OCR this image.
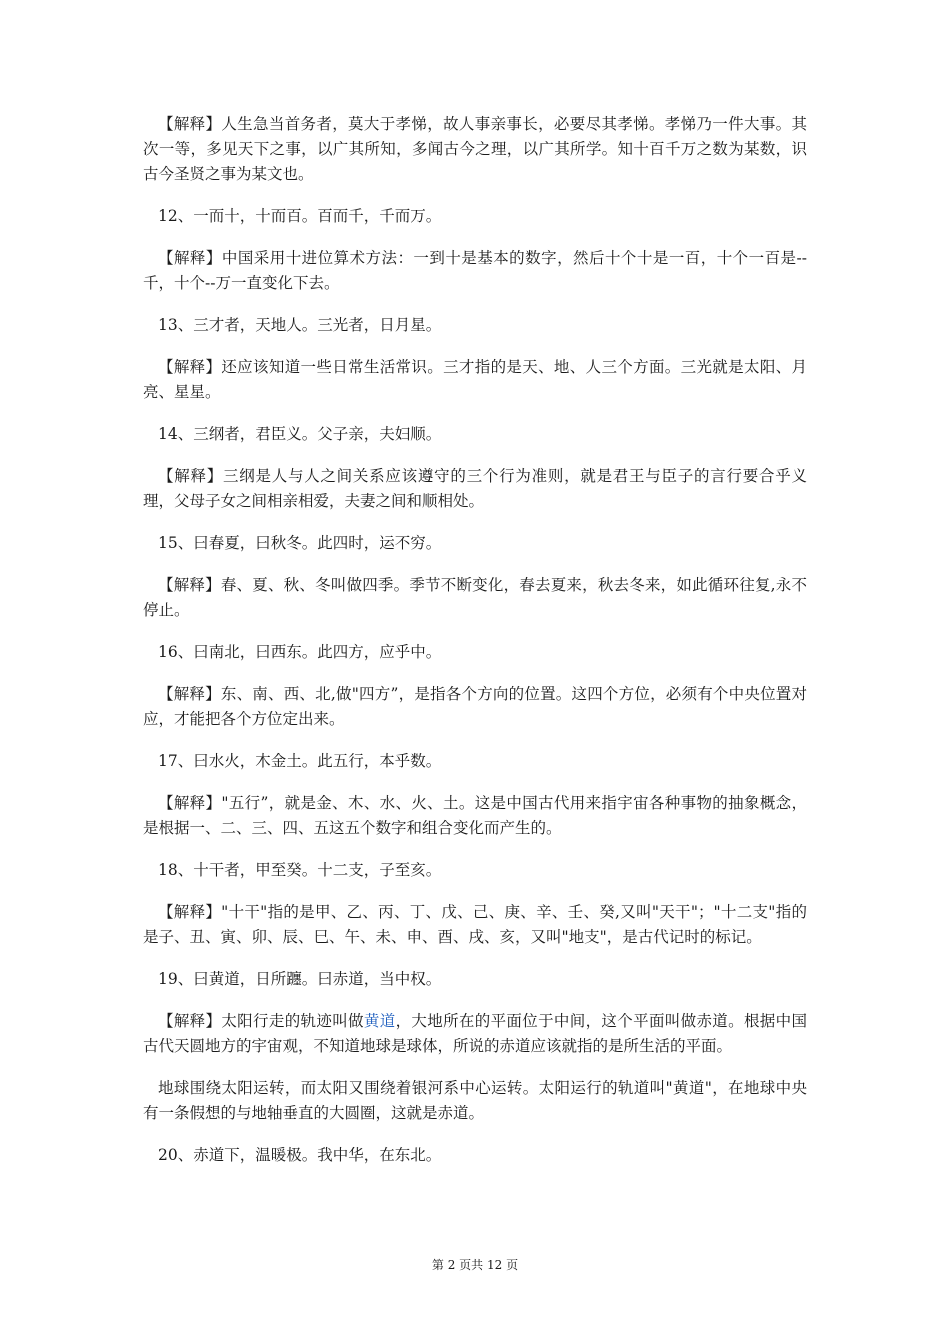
【解释】人生急当首务者，莫大于孝悌，故人事亲事长，必要尽其孝悌。孝悌乃一件大事。其次一等，多见天下之事，以广其所知，多闻古今之理，以广其所学。知十百千万之数为某数，识古今圣贤之事为某文也。

12、一而十，十而百。百而千，千而万。

【解释】中国采用十进位算术方法：一到十是基本的数字，然后十个十是一百，十个一百是--千，十个--万一直变化下去。

13、三才者，天地人。三光者，日月星。

【解释】还应该知道一些日常生活常识。三才指的是天、地、人三个方面。三光就是太阳、月亮、星星。

14、三纲者，君臣义。父子亲，夫妇顺。

【解释】三纲是人与人之间关系应该遵守的三个行为准则，就是君王与臣子的言行要合乎义理，父母子女之间相亲相爱，夫妻之间和顺相处。

15、曰春夏，曰秋冬。此四时，运不穷。

【解释】春、夏、秋、冬叫做四季。季节不断变化，春去夏来，秋去冬来，如此循环往复,永不停止。

16、曰南北，曰西东。此四方，应乎中。

【解释】东、南、西、北,做"四方”，是指各个方向的位置。这四个方位，必须有个中央位置对应，才能把各个方位定出来。

17、曰水火，木金土。此五行，本乎数。

【解释】"五行”，就是金、木、水、火、土。这是中国古代用来指宇宙各种事物的抽象概念，是根据一、二、三、四、五这五个数字和组合变化而产生的。

18、十干者，甲至癸。十二支，子至亥。

【解释】"十干"指的是甲、乙、丙、丁、戊、己、庚、辛、壬、癸,又叫"天干"；"十二支"指的是子、丑、寅、卯、辰、巳、午、未、申、酉、戌、亥，又叫"地支"，是古代记时的标记。

19、曰黄道，日所躔。曰赤道，当中权。

【解释】太阳行走的轨迹叫做黄道，大地所在的平面位于中间，这个平面叫做赤道。根据中国古代天圆地方的宇宙观，不知道地球是球体，所说的赤道应该就指的是所生活的平面。

地球围绕太阳运转，而太阳又围绕着银河系中心运转。太阳运行的轨道叫"黄道"，在地球中央有一条假想的与地轴垂直的大圆圈，这就是赤道。

20、赤道下，温暖极。我中华，在东北。

第 2 页共 12 页
